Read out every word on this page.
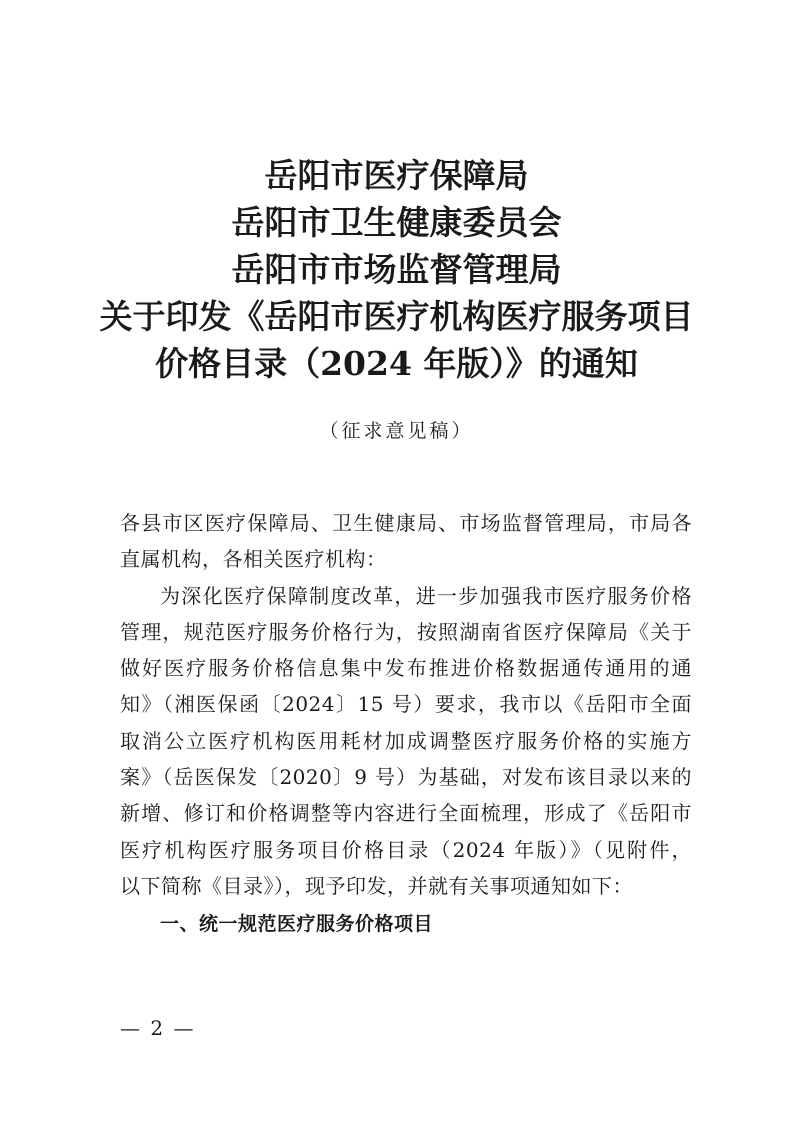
岳阳市医疗保障局
岳阳市卫生健康委员会
岳阳市市场监督管理局
关于印发《岳阳市医疗机构医疗服务项目
价格目录（2024 年版）》的通知
（征求意见稿）
各县市区医疗保障局、卫生健康局、市场监督管理局，市局各
直属机构，各相关医疗机构：
为深化医疗保障制度改革，进一步加强我市医疗服务价格
管理，规范医疗服务价格行为，按照湖南省医疗保障局《关于
做好医疗服务价格信息集中发布推进价格数据通传通用的通
知》（湘医保函〔2024〕15 号）要求，我市以《岳阳市全面
取消公立医疗机构医用耗材加成调整医疗服务价格的实施方
案》（岳医保发〔2020〕9 号）为基础，对发布该目录以来的
新增、修订和价格调整等内容进行全面梳理，形成了《岳阳市
医疗机构医疗服务项目价格目录（2024 年版）》（见附件，
以下简称《目录》），现予印发，并就有关事项通知如下：
一、统一规范医疗服务价格项目
— 2 —
